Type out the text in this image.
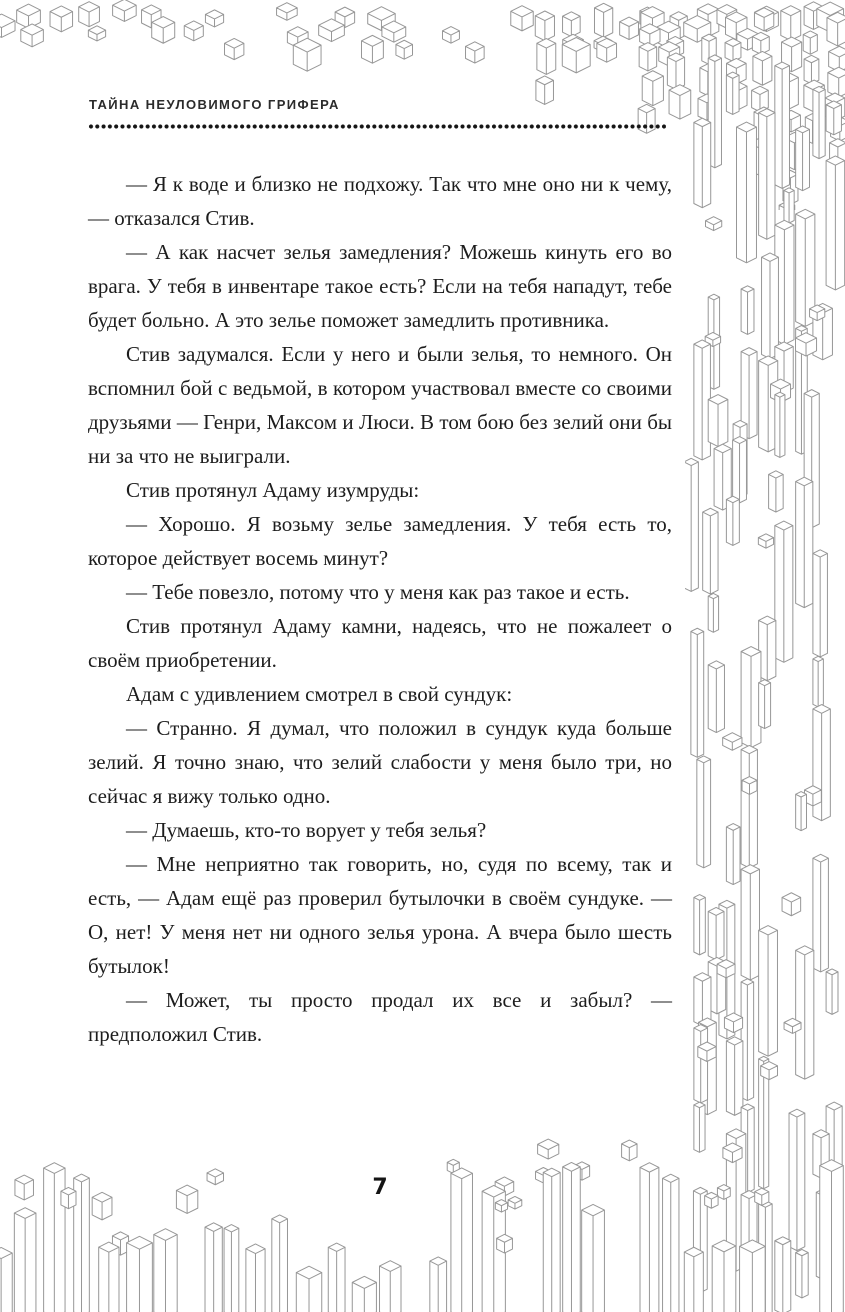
ТАЙНА НЕУЛОВИМОГО ГРИФЕРА

— Я к воде и близко не подхожу. Так что мне оно ни к чему, — отказался Стив.

— А как насчет зелья замедления? Можешь кинуть его во врага. У тебя в инвентаре такое есть? Если на тебя нападут, тебе будет больно. А это зелье поможет замедлить противника.

Стив задумался. Если у него и были зелья, то немного. Он вспомнил бой с ведьмой, в котором участвовал вместе со своими друзьями — Генри, Максом и Люси. В том бою без зелий они бы ни за что не выиграли.

Стив протянул Адаму изумруды:

— Хорошо. Я возьму зелье замедления. У тебя есть то, которое действует восемь минут?

— Тебе повезло, потому что у меня как раз такое и есть.

Стив протянул Адаму камни, надеясь, что не пожалеет о своём приобретении.

Адам с удивлением смотрел в свой сундук:

— Странно. Я думал, что положил в сундук куда больше зелий. Я точно знаю, что зелий слабости у меня было три, но сейчас я вижу только одно.

— Думаешь, кто-то ворует у тебя зелья?

— Мне неприятно так говорить, но, судя по всему, так и есть, — Адам ещё раз проверил бутылочки в своём сундуке. — О, нет! У меня нет ни одного зелья урона. А вчера было шесть бутылок!

— Может, ты просто продал их все и забыл? — предположил Стив.

7
